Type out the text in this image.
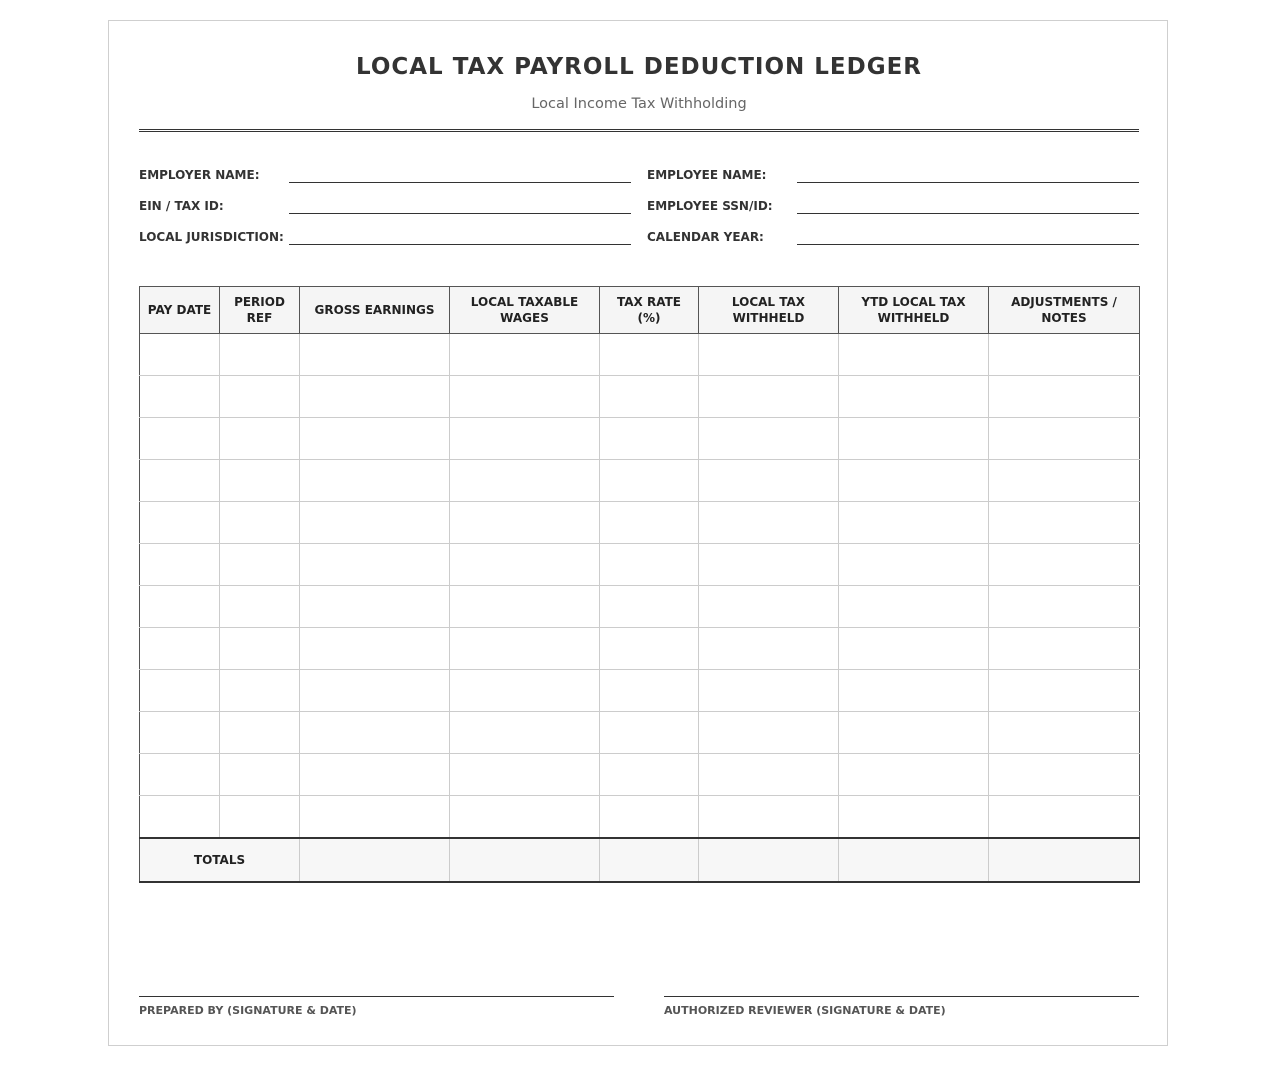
LOCAL TAX PAYROLL DEDUCTION LEDGER
Local Income Tax Withholding
EMPLOYER NAME:
EIN / TAX ID:
LOCAL JURISDICTION:
EMPLOYEE NAME:
EMPLOYEE SSN/ID:
CALENDAR YEAR:
PAY DATE	PERIOD REF	GROSS EARNINGS	LOCAL TAXABLE WAGES	TAX RATE (%)	LOCAL TAX WITHHELD	YTD LOCAL TAX WITHHELD	ADJUSTMENTS / NOTES

TOTALS							
PREPARED BY (SIGNATURE & DATE)	AUTHORIZED REVIEWER (SIGNATURE & DATE)
